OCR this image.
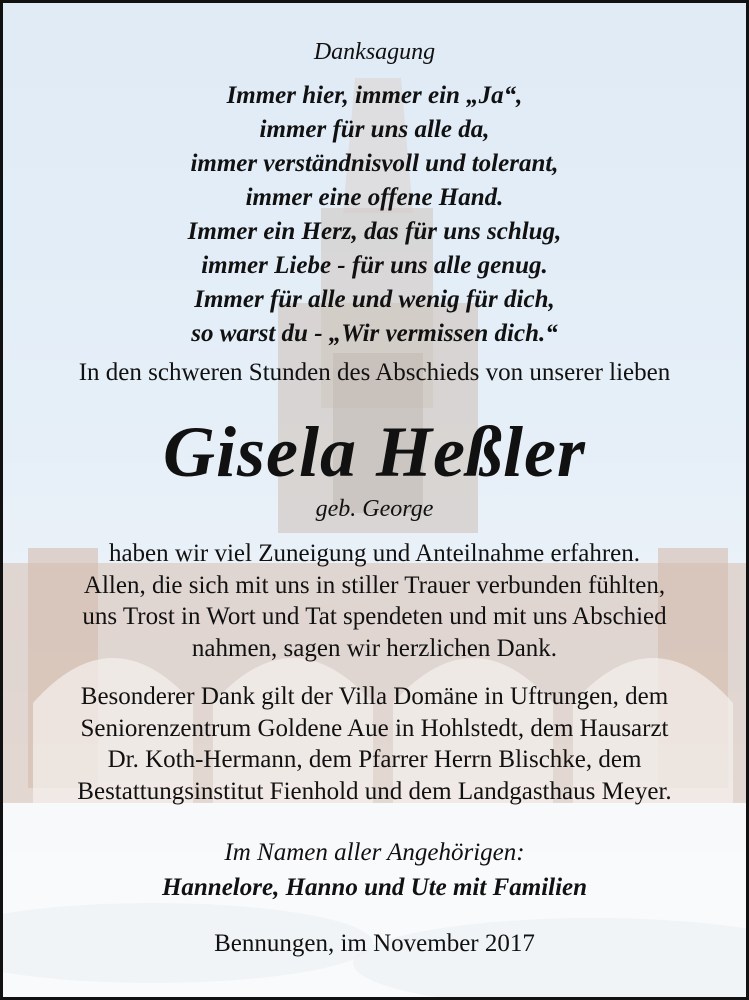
Danksagung
Immer hier, immer ein „Ja“,
immer für uns alle da,
immer verständnisvoll und tolerant,
immer eine offene Hand.
Immer ein Herz, das für uns schlug,
immer Liebe - für uns alle genug.
Immer für alle und wenig für dich,
so warst du - „Wir vermissen dich.“
In den schweren Stunden des Abschieds von unserer lieben
Gisela Heßler
geb. George
haben wir viel Zuneigung und Anteilnahme erfahren.
Allen, die sich mit uns in stiller Trauer verbunden fühlten,
uns Trost in Wort und Tat spendeten und mit uns Abschied
nahmen, sagen wir herzlichen Dank.
Besonderer Dank gilt der Villa Domäne in Uftrungen, dem
Seniorenzentrum Goldene Aue in Hohlstedt, dem Hausarzt
Dr. Koth-Hermann, dem Pfarrer Herrn Blischke, dem
Bestattungsinstitut Fienhold und dem Landgasthaus Meyer.
Im Namen aller Angehörigen:
Hannelore, Hanno und Ute mit Familien
Bennungen, im November 2017
